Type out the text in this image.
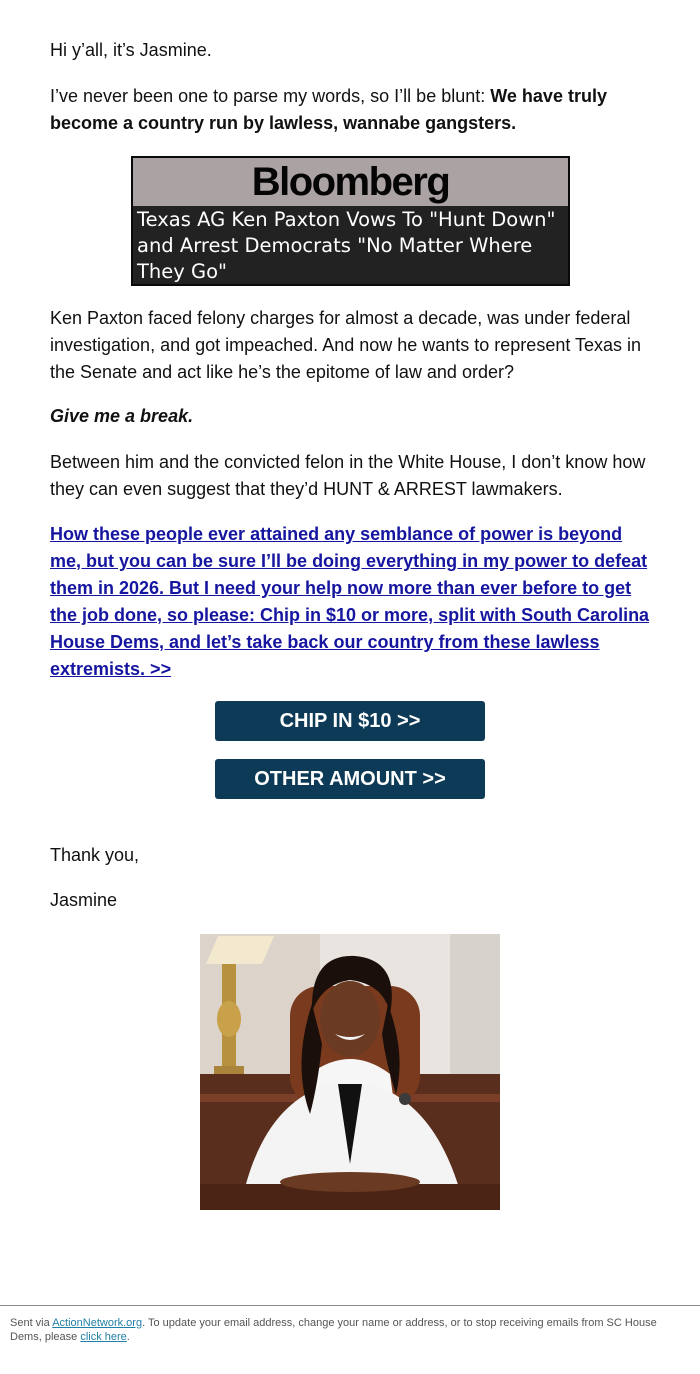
Hi y’all, it’s Jasmine.

I’ve never been one to parse my words, so I’ll be blunt: We have truly become a country run by lawless, wannabe gangsters.

Ken Paxton faced felony charges for almost a decade, was under federal investigation, and got impeached. And now he wants to represent Texas in the Senate and act like he’s the epitome of law and order?

Give me a break.

Between him and the convicted felon in the White House, I don’t know how they can even suggest that they’d HUNT & ARREST lawmakers.

How these people ever attained any semblance of power is beyond me, but you can be sure I’ll be doing everything in my power to defeat them in 2026. But I need your help now more than ever before to get the job done, so please: Chip in $10 or more, split with South Carolina House Dems, and let’s take back our country from these lawless extremists. >>
Bloomberg
Texas AG Ken Paxton Vows To "Hunt Down" and Arrest Democrats "No Matter Where They Go"
CHIP IN $10 >>
OTHER AMOUNT >>
Thank you,
Jasmine
Sent via ActionNetwork.org. To update your email address, change your name or address, or to stop receiving emails from SC House Dems, please click here.
